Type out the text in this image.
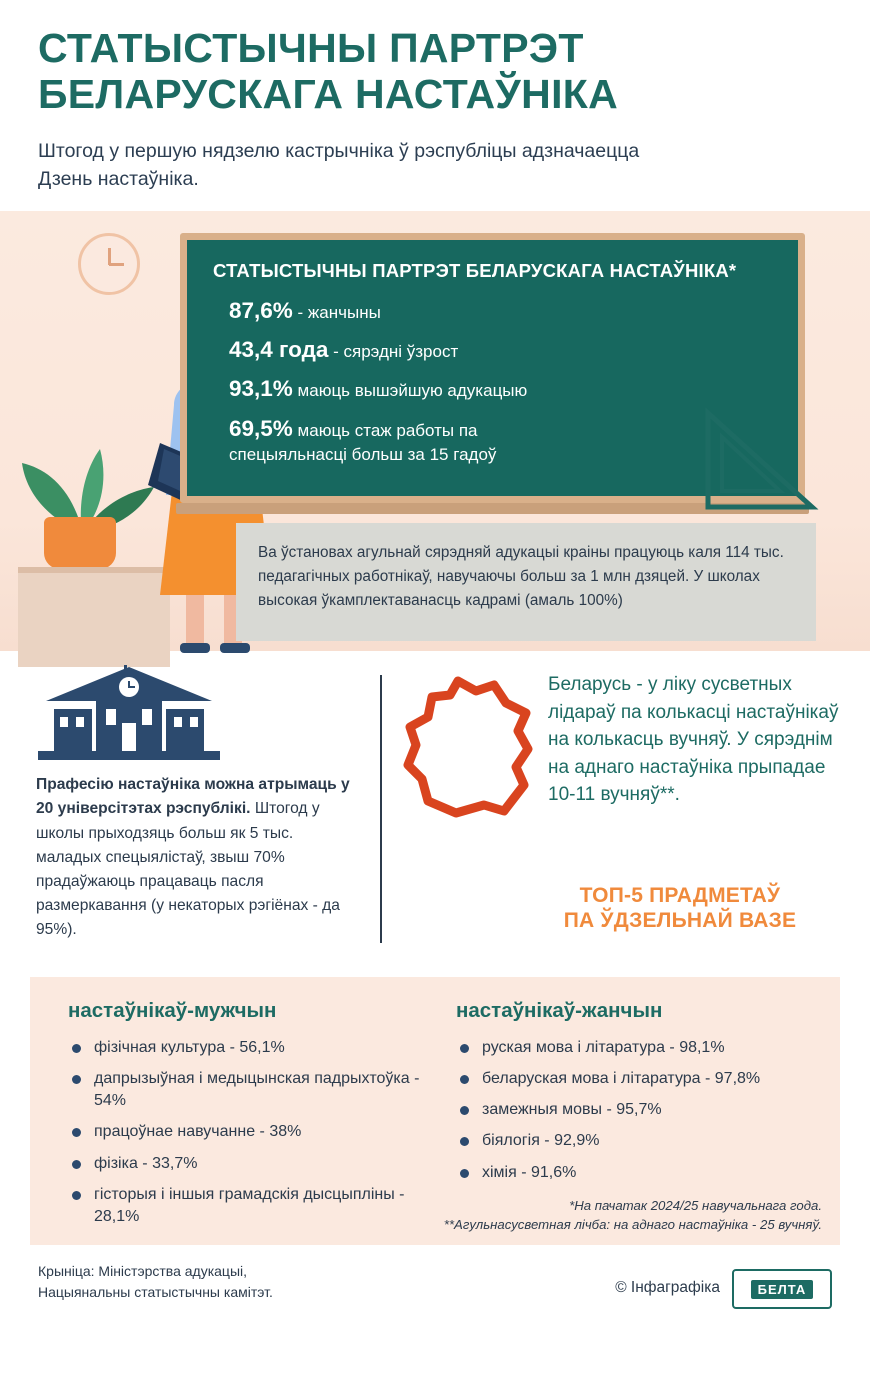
СТАТЫСТЫЧНЫ ПАРТРЭТ БЕЛАРУСКАГА НАСТАЎНІКА
Штогод у першую нядзелю кастрычніка ў рэспубліцы адзначаецца Дзень настаўніка.
СТАТЫСТЫЧНЫ ПАРТРЭТ БЕЛАРУСКАГА НАСТАЎНІКА*
87,6% - жанчыны
43,4 года - сярэдні ўзрост
93,1% маюць вышэйшую адукацыю
69,5% маюць стаж работы па
спецыяльнасці больш за 15 гадоў
Ва ўстановах агульнай сярэдняй адукацыі краіны працуюць каля 114 тыс. педагагічных работнікаў, навучаючы больш за 1 млн дзяцей. У школах высокая ўкамплектаванасць кадрамі (амаль 100%)
Прафесію настаўніка можна атрымаць у 20 універсітэтах рэспублікі. Штогод у школы прыходзяць больш як 5 тыс. маладых спецыялістаў, звыш 70% прадаўжаюць працаваць пасля размеркавання (у некаторых рэгіёнах - да 95%).
Беларусь - у ліку сусветных лідараў па колькасці настаўнікаў на колькасць вучняў. У сярэднім на аднаго настаўніка прыпадае 10-11 вучняў**.
ТОП-5 ПРАДМЕТАЎ
ПА ЎДЗЕЛЬНАЙ ВАЗЕ
настаўнікаў-мужчын
фізічная культура - 56,1%
дапрызыўная і медыцынская падрыхтоўка - 54%
працоўнае навучанне - 38%
фізіка - 33,7%
гісторыя і іншыя грамадскія дысцыпліны - 28,1%
настаўнікаў-жанчын
руская мова і літаратура - 98,1%
беларуская мова і літаратура - 97,8%
замежныя мовы - 95,7%
біялогія - 92,9%
хімія - 91,6%
*На пачатак 2024/25 навучальнага года.
**Агульнасусветная лічба: на аднаго настаўніка - 25 вучняў.
Крыніца: Міністэрства адукацыі,
Нацыянальны статыстычны камітэт.	© Інфаграфіка	БЕЛТА
